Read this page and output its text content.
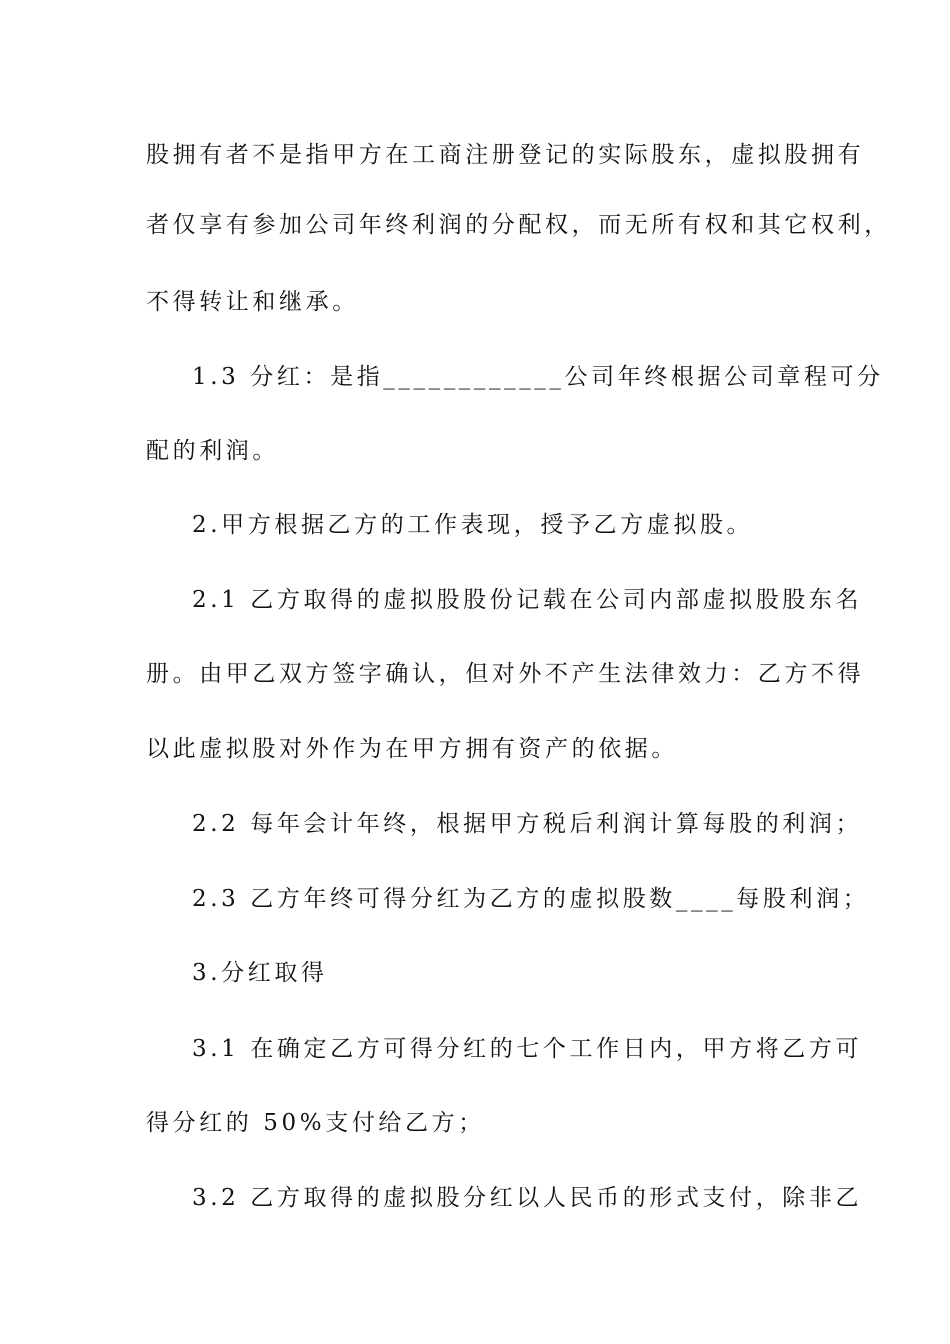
股拥有者不是指甲方在工商注册登记的实际股东，虚拟股拥有
者仅享有参加公司年终利润的分配权，而无所有权和其它权利，
不得转让和继承。
1.3 分红：是指____________公司年终根据公司章程可分
配的利润。
2.甲方根据乙方的工作表现，授予乙方虚拟股。
2.1 乙方取得的虚拟股股份记载在公司内部虚拟股股东名
册。由甲乙双方签字确认，但对外不产生法律效力：乙方不得
以此虚拟股对外作为在甲方拥有资产的依据。
2.2 每年会计年终，根据甲方税后利润计算每股的利润；
2.3 乙方年终可得分红为乙方的虚拟股数____每股利润；
3.分红取得
3.1 在确定乙方可得分红的七个工作日内，甲方将乙方可
得分红的 50%支付给乙方；
3.2 乙方取得的虚拟股分红以人民币的形式支付，除非乙
